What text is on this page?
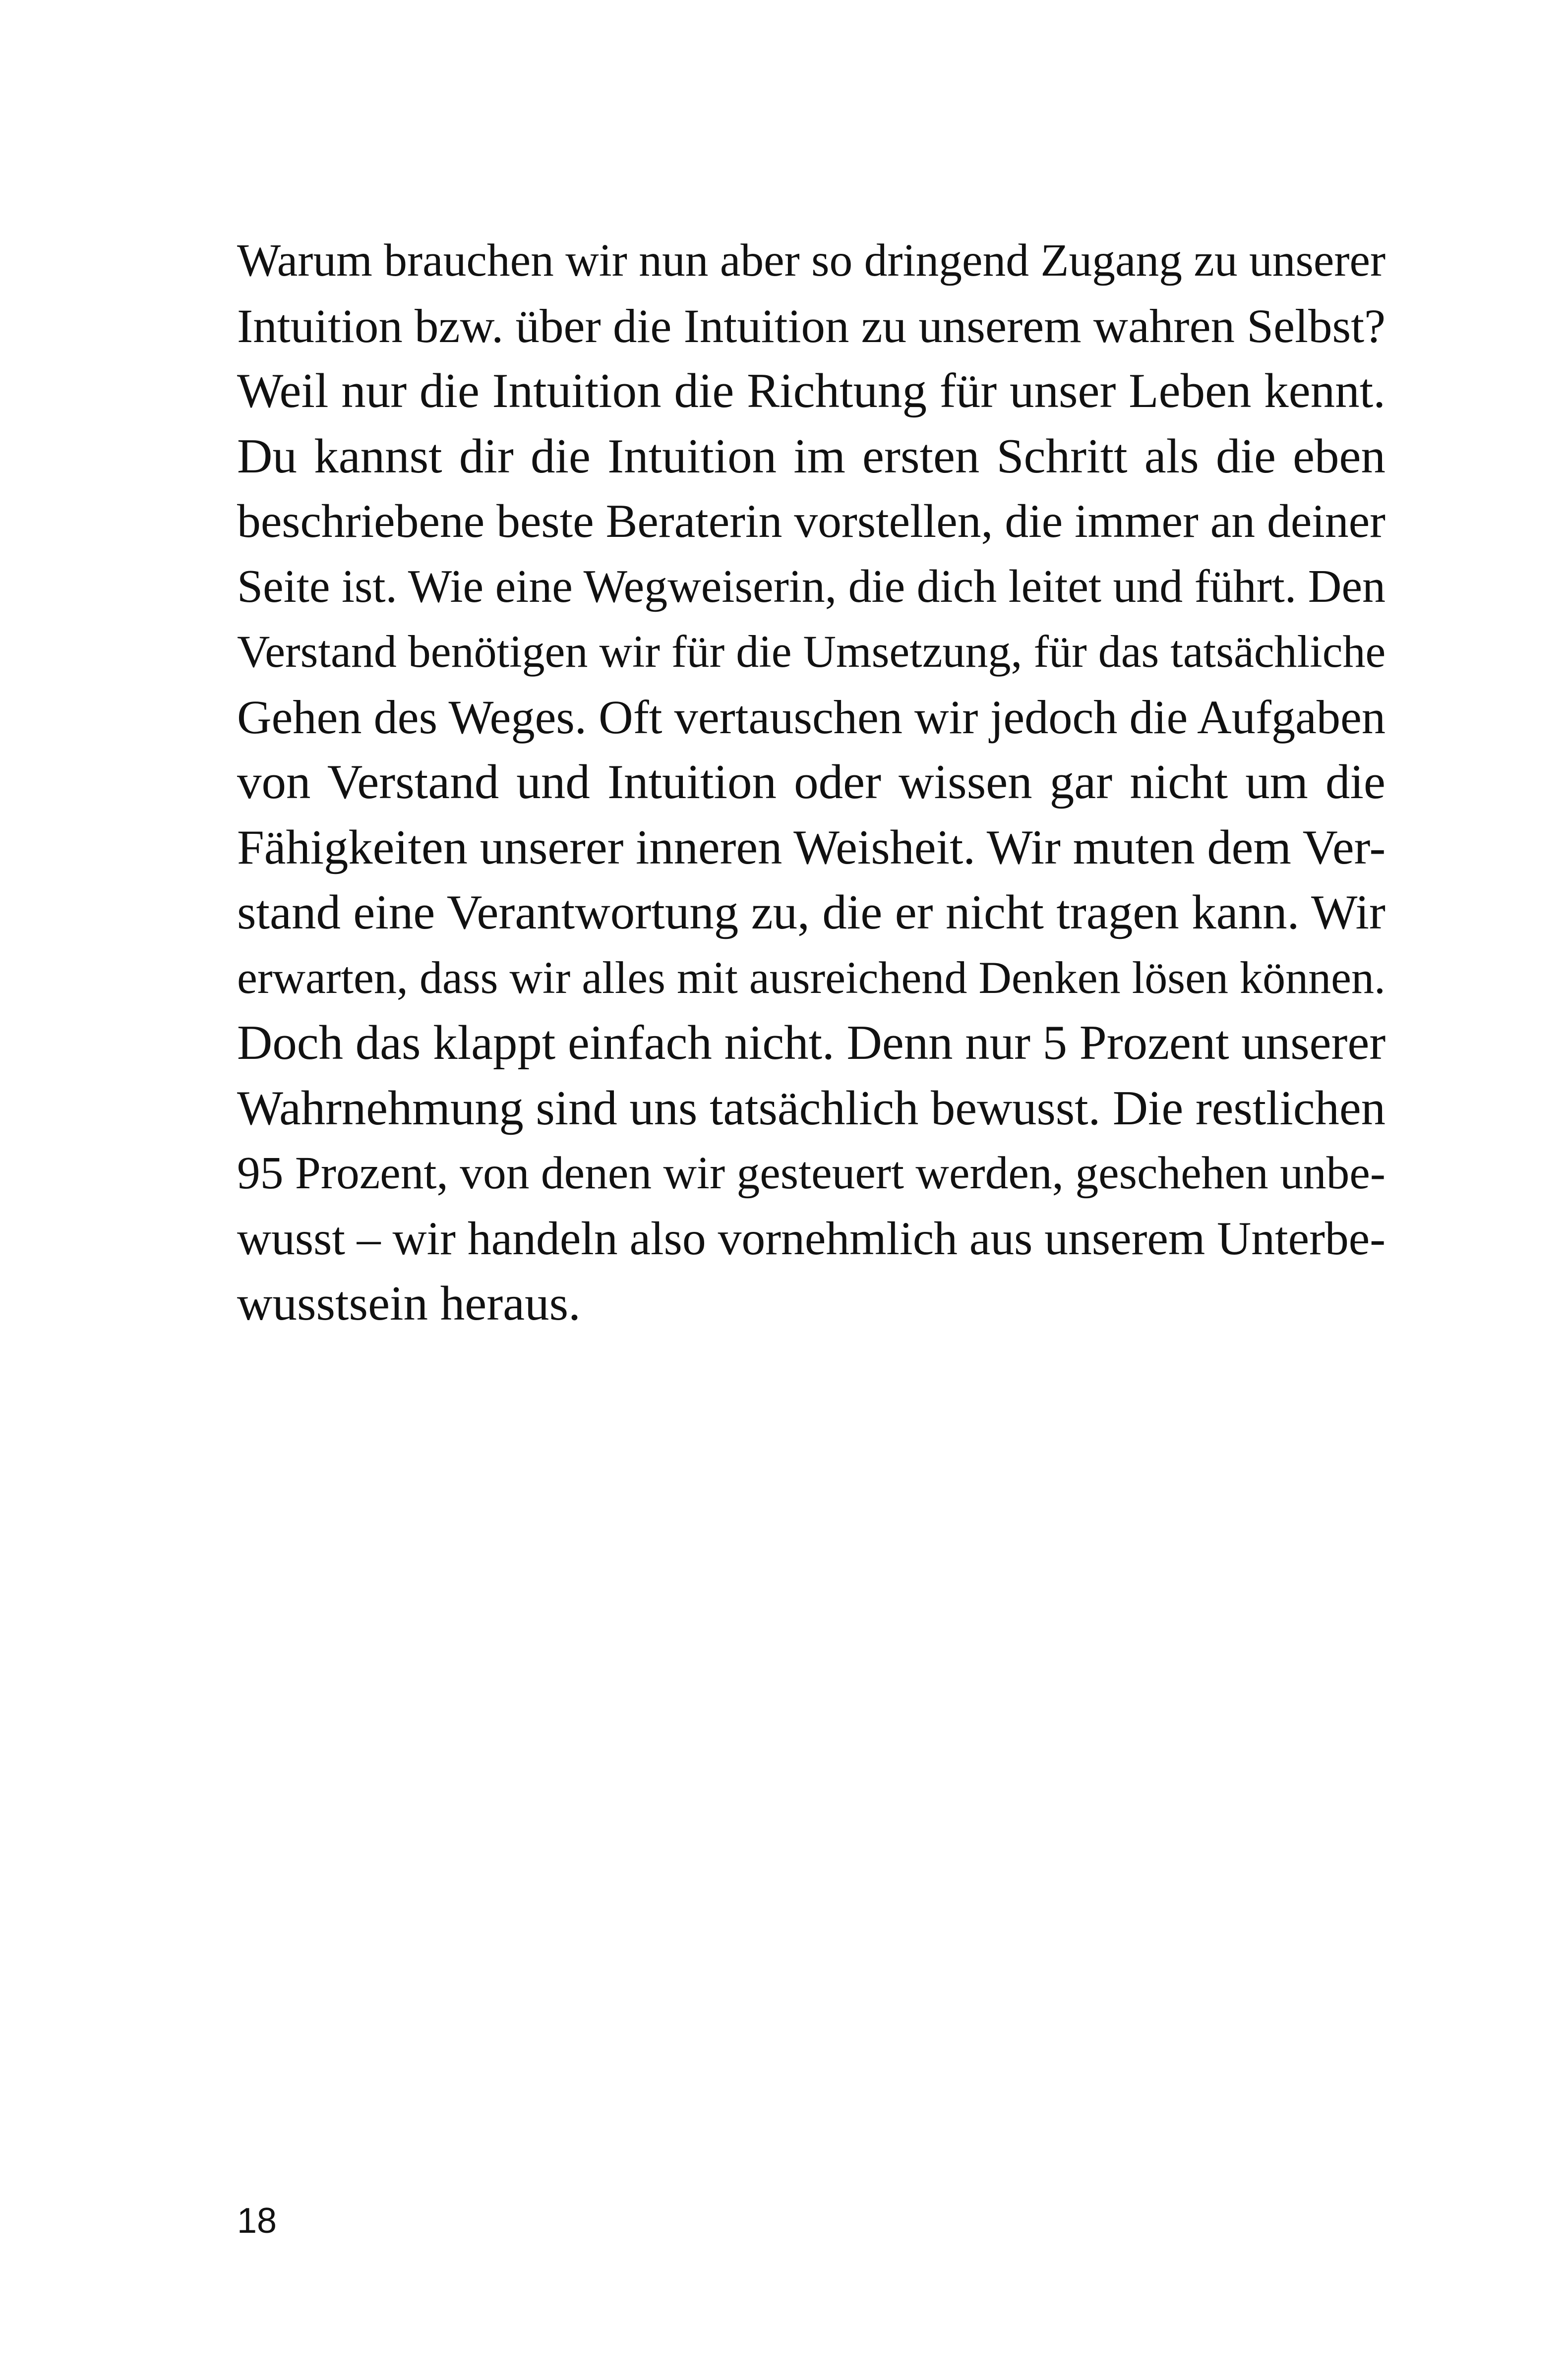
Warum brauchen wir nun aber so dringend Zugang zu unserer
Intuition bzw. über die Intuition zu unserem wahren Selbst?
Weil nur die Intuition die Richtung für unser Leben kennt.
Du kannst dir die Intuition im ersten Schritt als die eben
beschriebene beste Beraterin vorstellen, die immer an deiner
Seite ist. Wie eine Wegweiserin, die dich leitet und führt. Den
Verstand benötigen wir für die Umsetzung, für das tatsächliche
Gehen des Weges. Oft vertauschen wir jedoch die Aufgaben
von Verstand und Intuition oder wissen gar nicht um die
Fähigkeiten unserer inneren Weisheit. Wir muten dem Ver-
stand eine Verantwortung zu, die er nicht tragen kann. Wir
erwarten, dass wir alles mit ausreichend Denken lösen können.
Doch das klappt einfach nicht. Denn nur 5 Prozent unserer
Wahrnehmung sind uns tatsächlich bewusst. Die restlichen
95 Prozent, von denen wir gesteuert werden, geschehen unbe-
wusst – wir handeln also vornehmlich aus unserem Unterbe-
wusstsein heraus.
18
